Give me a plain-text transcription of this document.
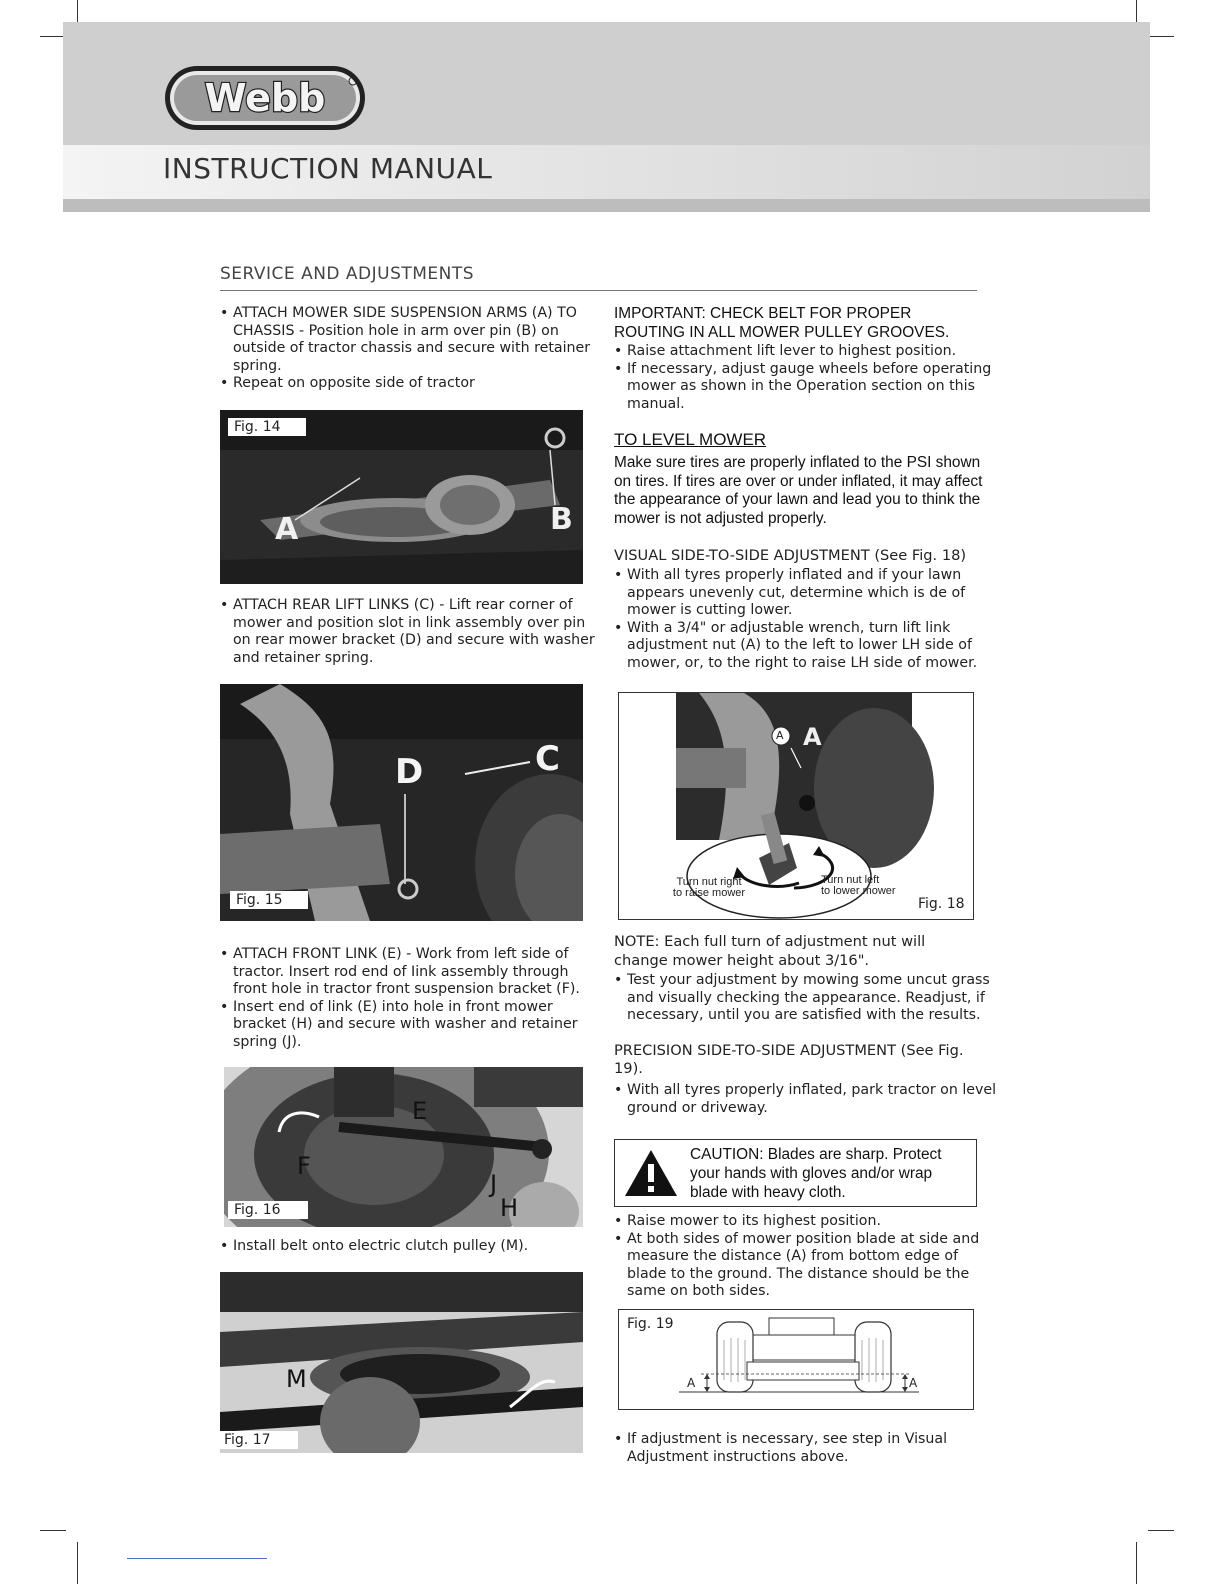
Webb
INSTRUCTION MANUAL
SERVICE AND ADJUSTMENTS
• ATTACH MOWER SIDE SUSPENSION ARMS (A) TO CHASSIS - Position hole in arm over pin (B) on outside of tractor chassis and secure with retainer spring.
• Repeat on opposite side of tractor
A	B
Fig. 14
• ATTACH REAR LIFT LINKS (C) - Lift rear corner of mower and position slot in link assembly over pin on rear mower bracket (D) and secure with washer and retainer spring.
D	C
Fig. 15
• ATTACH FRONT LINK (E) - Work from left side of tractor. Insert rod end of Iink assembly through front hole in tractor front suspension bracket (F).
• Insert end of link (E) into hole in front mower bracket (H) and secure with washer and retainer spring (J).
E
F
J
H
Fig. 16
• Install belt onto electric clutch pulley (M).
M
Fig. 17
IMPORTANT: CHECK BELT FOR PROPER ROUTING IN ALL MOWER PULLEY GROOVES.
• Raise attachment lift lever to highest position.
• If necessary, adjust gauge wheels before operating mower as shown in the Operation section on this manual.
TO LEVEL MOWER
Make sure tires are properly inflated to the PSI shown on tires. If tires are over or under inflated, it may affect the appearance of your lawn and lead you to think the mower is not adjusted properly.
VISUAL SIDE-TO-SIDE ADJUSTMENT (See Fig. 18)
• With all tyres properly inflated and if your lawn appears unevenly cut, determine which is de of mower is cutting lower.
• With a 3/4" or adjustable wrench, turn lift link adjustment nut (A) to the left to lower LH side of mower, or, to the right to raise LH side of mower.
A A
Turn nut right
to raise mower
Turn nut left
to lower mower
Fig. 18
NOTE: Each full turn of adjustment nut will change mower height about 3/16".
• Test your adjustment by mowing some uncut grass and visually checking the appearance. Readjust, if necessary, until you are satisfied with the results.
PRECISION SIDE-TO-SIDE ADJUSTMENT (See Fig. 19).
• With all tyres properly inflated, park tractor on level ground or driveway.
CAUTION: Blades are sharp. Protect your hands with gloves and/or wrap blade with heavy cloth.
• Raise mower to its highest position.
• At both sides of mower position blade at side and measure the distance (A) from bottom edge of blade to the ground. The distance should be the same on both sides.
Fig. 19
A	A
• If adjustment is necessary, see step in Visual Adjustment instructions above.
